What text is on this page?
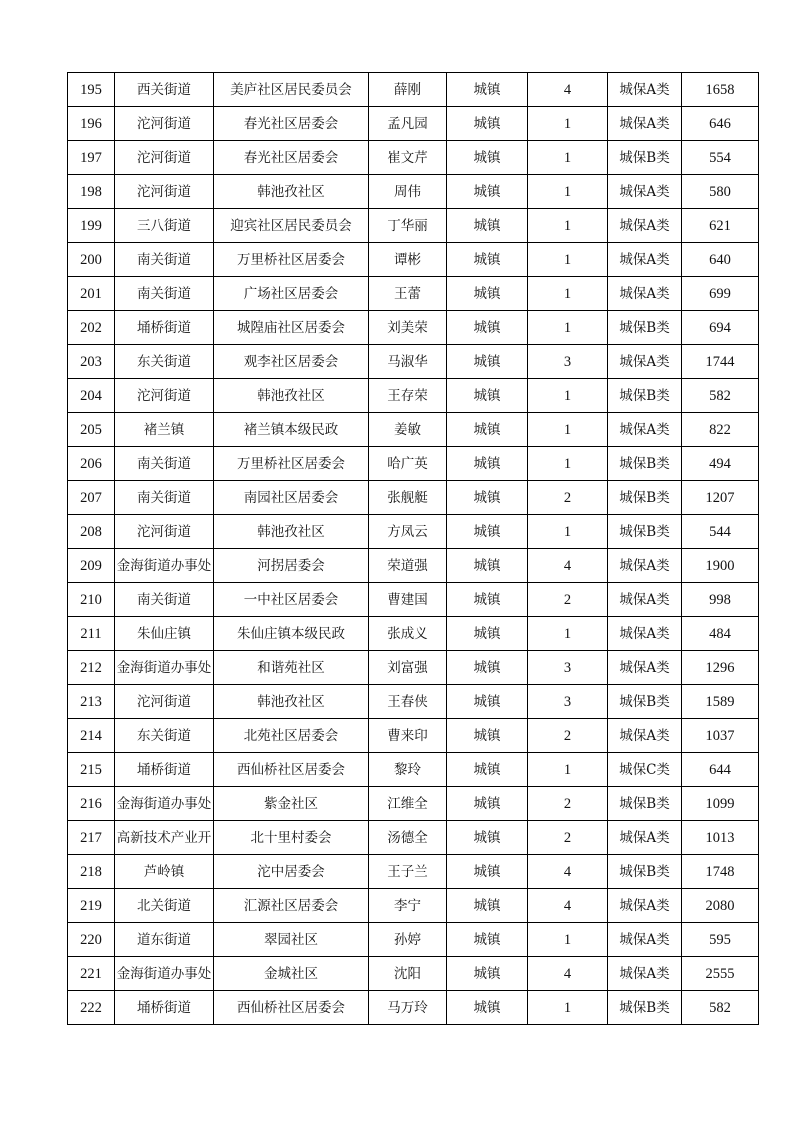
195	西关街道	美庐社区居民委员会	薛刚	城镇	4	城保A类	1658
196	沱河街道	春光社区居委会	孟凡园	城镇	1	城保A类	646
197	沱河街道	春光社区居委会	崔文芹	城镇	1	城保B类	554
198	沱河街道	韩池孜社区	周伟	城镇	1	城保A类	580
199	三八街道	迎宾社区居民委员会	丁华丽	城镇	1	城保A类	621
200	南关街道	万里桥社区居委会	谭彬	城镇	1	城保A类	640
201	南关街道	广场社区居委会	王蕾	城镇	1	城保A类	699
202	埇桥街道	城隍庙社区居委会	刘美荣	城镇	1	城保B类	694
203	东关街道	观李社区居委会	马淑华	城镇	3	城保A类	1744
204	沱河街道	韩池孜社区	王存荣	城镇	1	城保B类	582
205	褚兰镇	褚兰镇本级民政	姜敏	城镇	1	城保A类	822
206	南关街道	万里桥社区居委会	哈广英	城镇	1	城保B类	494
207	南关街道	南园社区居委会	张舰艇	城镇	2	城保B类	1207
208	沱河街道	韩池孜社区	方凤云	城镇	1	城保B类	544
209	金海街道办事处	河拐居委会	荣道强	城镇	4	城保A类	1900
210	南关街道	一中社区居委会	曹建国	城镇	2	城保A类	998
211	朱仙庄镇	朱仙庄镇本级民政	张成义	城镇	1	城保A类	484
212	金海街道办事处	和谐苑社区	刘富强	城镇	3	城保A类	1296
213	沱河街道	韩池孜社区	王春侠	城镇	3	城保B类	1589
214	东关街道	北苑社区居委会	曹来印	城镇	2	城保A类	1037
215	埇桥街道	西仙桥社区居委会	黎玲	城镇	1	城保C类	644
216	金海街道办事处	紫金社区	江维全	城镇	2	城保B类	1099
217	高新技术产业开	北十里村委会	汤德全	城镇	2	城保A类	1013
218	芦岭镇	沱中居委会	王子兰	城镇	4	城保B类	1748
219	北关街道	汇源社区居委会	李宁	城镇	4	城保A类	2080
220	道东街道	翠园社区	孙婷	城镇	1	城保A类	595
221	金海街道办事处	金城社区	沈阳	城镇	4	城保A类	2555
222	埇桥街道	西仙桥社区居委会	马万玲	城镇	1	城保B类	582
